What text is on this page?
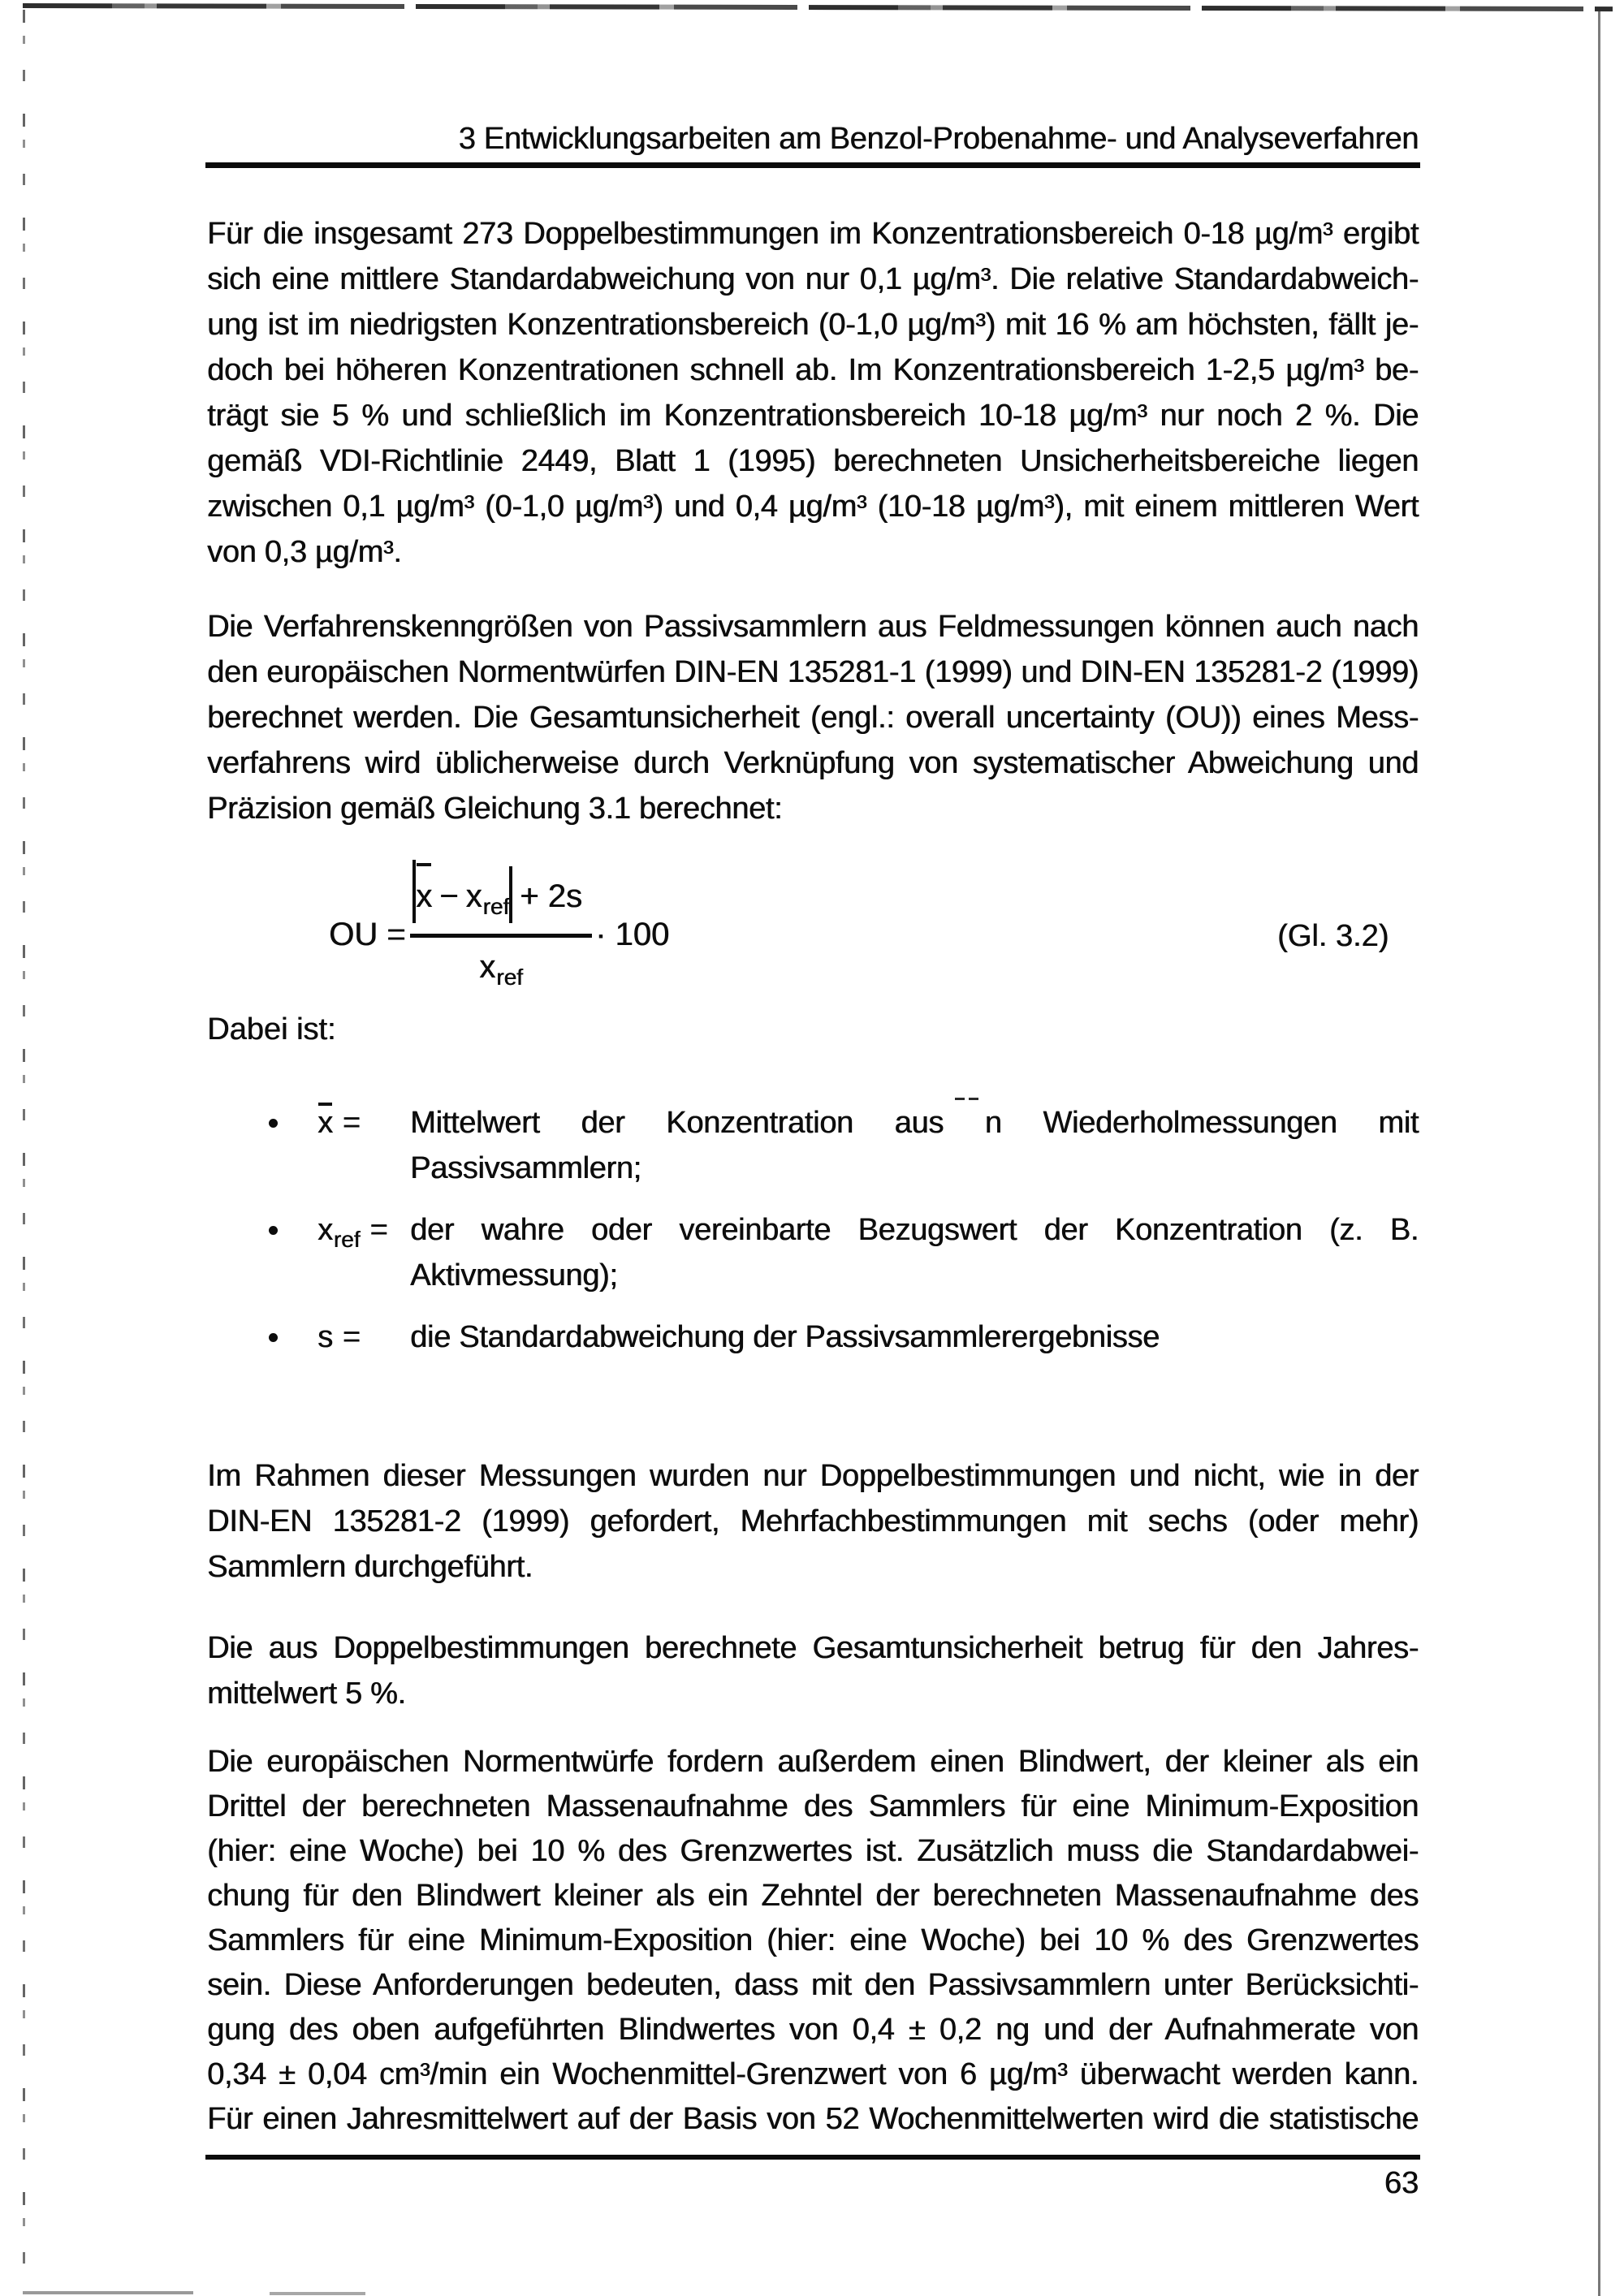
3 Entwicklungsarbeiten am Benzol-Probenahme- und Analyseverfahren
Für die insgesamt 273 Doppelbestimmungen im Konzentrationsbereich 0-18 µg/m³ ergibt
sich eine mittlere Standardabweichung von nur 0,1 µg/m³. Die relative Standardabweich-
ung ist im niedrigsten Konzentrationsbereich (0-1,0 µg/m³) mit 16 % am höchsten, fällt je-
doch bei höheren Konzentrationen schnell ab. Im Konzentrationsbereich 1-2,5 µg/m³ be-
trägt sie 5 % und schließlich im Konzentrationsbereich 10-18 µg/m³ nur noch 2 %. Die
gemäß VDI-Richtlinie 2449, Blatt 1 (1995) berechneten Unsicherheitsbereiche liegen
zwischen 0,1 µg/m³ (0-1,0 µg/m³) und 0,4 µg/m³ (10-18 µg/m³), mit einem mittleren Wert
von 0,3 µg/m³.
Die Verfahrenskenngrößen von Passivsammlern aus Feldmessungen können auch nach
den europäischen Normentwürfen DIN-EN 135281-1 (1999) und DIN-EN 135281-2 (1999)
berechnet werden. Die Gesamtunsicherheit (engl.: overall uncertainty (OU)) eines Mess-
verfahrens wird üblicherweise durch Verknüpfung von systematischer Abweichung und
Präzision gemäß Gleichung 3.1 berechnet:
OU =
$x - x_{ref} + 2s$
$x_{ref}$
· 100	(Gl. 3.2)
Dabei ist:
x = Mittelwert der Konzentration aus n Wiederholmessungen mit
Passivsammlern;
$x_{ref}$ = der wahre oder vereinbarte Bezugswert der Konzentration (z. B.
Aktivmessung);
s = die Standardabweichung der Passivsammlerergebnisse
Im Rahmen dieser Messungen wurden nur Doppelbestimmungen und nicht, wie in der
DIN-EN 135281-2 (1999) gefordert, Mehrfachbestimmungen mit sechs (oder mehr)
Sammlern durchgeführt.
Die aus Doppelbestimmungen berechnete Gesamtunsicherheit betrug für den Jahres-
mittelwert 5 %.
Die europäischen Normentwürfe fordern außerdem einen Blindwert, der kleiner als ein
Drittel der berechneten Massenaufnahme des Sammlers für eine Minimum-Exposition
(hier: eine Woche) bei 10 % des Grenzwertes ist. Zusätzlich muss die Standardabwei-
chung für den Blindwert kleiner als ein Zehntel der berechneten Massenaufnahme des
Sammlers für eine Minimum-Exposition (hier: eine Woche) bei 10 % des Grenzwertes
sein. Diese Anforderungen bedeuten, dass mit den Passivsammlern unter Berücksichti-
gung des oben aufgeführten Blindwertes von 0,4 ± 0,2 ng und der Aufnahmerate von
0,34 ± 0,04 cm³/min ein Wochenmittel-Grenzwert von 6 µg/m³ überwacht werden kann.
Für einen Jahresmittelwert auf der Basis von 52 Wochenmittelwerten wird die statistische
63
